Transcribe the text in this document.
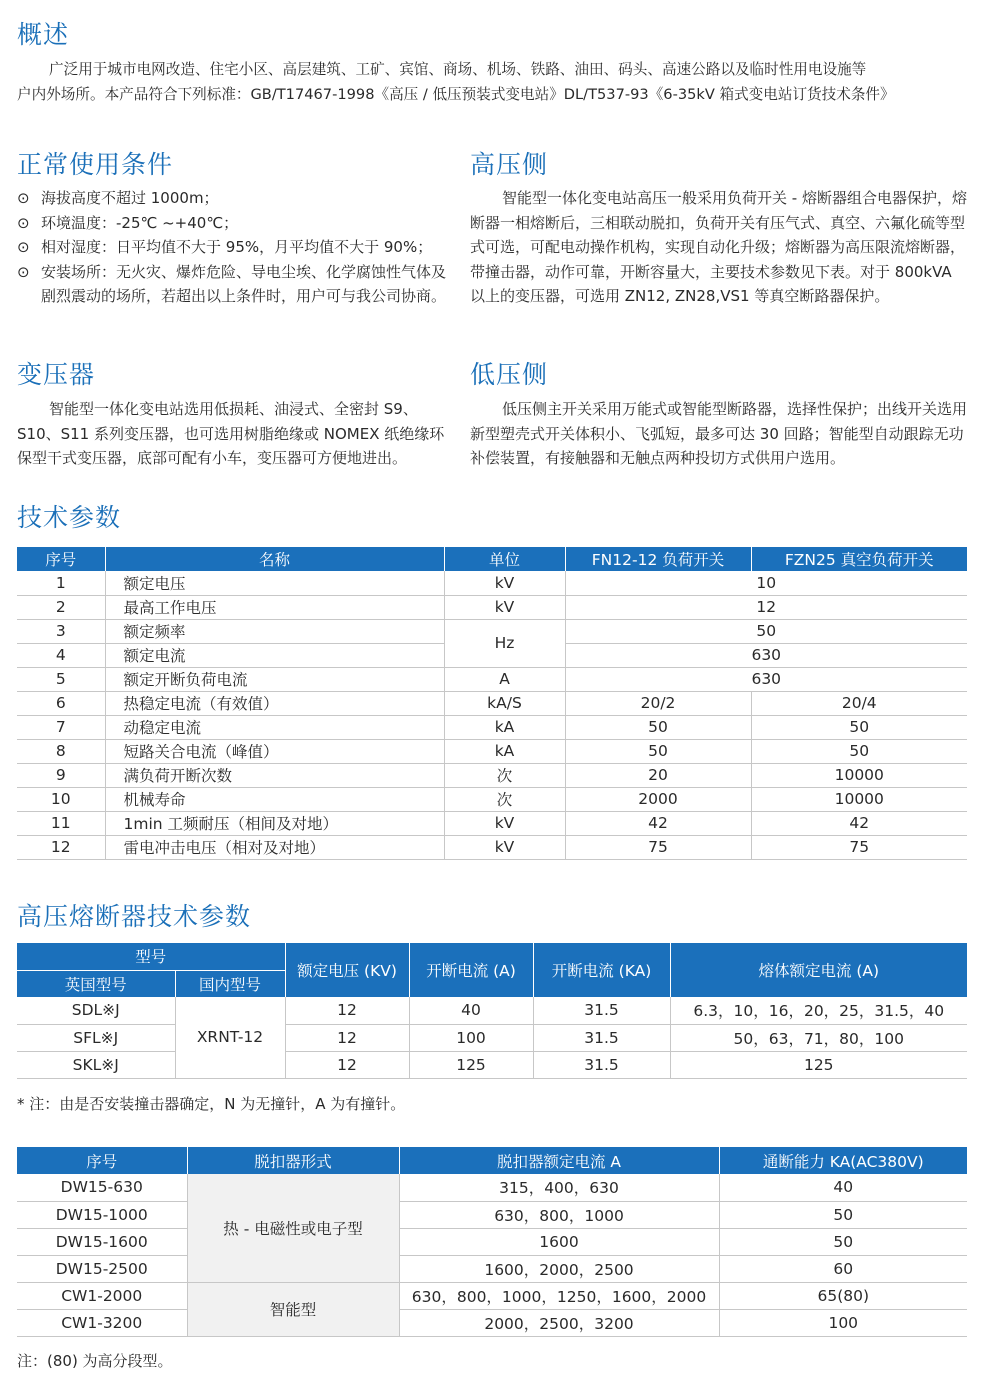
概述
广泛用于城市电网改造、住宅小区、高层建筑、工矿、宾馆、商场、机场、铁路、油田、码头、高速公路以及临时性用电设施等
户内外场所。本产品符合下列标准：GB/T17467-1998《高压 / 低压预装式变电站》DL/T537-93《6-35kV 箱式变电站订货技术条件》
正常使用条件
⊙ 海拔高度不超过 1000m；
⊙ 环境温度：-25℃ ~+40℃；
⊙ 相对湿度：日平均值不大于 95%，月平均值不大于 90%；
⊙ 安装场所：无火灾、爆炸危险、导电尘埃、化学腐蚀性气体及剧烈震动的场所，若超出以上条件时，用户可与我公司协商。
高压侧

智能型一体化变电站高压一般采用负荷开关 - 熔断器组合电器保护，熔断器一相熔断后，三相联动脱扣，负荷开关有压气式、真空、六氟化硫等型式可选，可配电动操作机构，实现自动化升级；熔断器为高压限流熔断器，带撞击器，动作可靠，开断容量大，主要技术参数见下表。对于 800kVA 以上的变压器，可选用 ZN12, ZN28,VS1 等真空断路器保护。

变压器

智能型一体化变电站选用低损耗、油浸式、全密封 S9、S10、S11 系列变压器，也可选用树脂绝缘或 NOMEX 纸绝缘环保型干式变压器，底部可配有小车，变压器可方便地进出。

低压侧

低压侧主开关采用万能式或智能型断路器，选择性保护；出线开关选用新型塑壳式开关体积小、飞弧短，最多可达 30 回路；智能型自动跟踪无功补偿装置，有接触器和无触点两种投切方式供用户选用。

技术参数
序号	名称	单位	FN12-12 负荷开关	FZN25 真空负荷开关
1	额定电压	kV	10	
2	最高工作电压	kV	12	
3	额定频率	Hz	50	
4	额定电流		630	
5	额定开断负荷电流	A	630	
6	热稳定电流（有效值）	kA/S	20/2	20/4
7	动稳定电流	kA	50	50
8	短路关合电流（峰值）	kA	50	50
9	满负荷开断次数	次	20	10000
10	机械寿命	次	2000	10000
11	1min 工频耐压（相间及对地）	kV	42	42
12	雷电冲击电压（相对及对地）	kV	75	75
高压熔断器技术参数
型号		额定电压 (KV)	开断电流 (A)	开断电流 (KA)	熔体额定电流 (A)
英国型号	国内型号				
SDL※J	XRNT-12	12	40	31.5	6.3，10，16，20，25，31.5，40
SFL※J		12	100	31.5	50，63，71，80，100
SKL※J		12	125	31.5	125

* 注：由是否安装撞击器确定，N 为无撞针，A 为有撞针。

序号	脱扣器形式	脱扣器额定电流 A	通断能力 KA(AC380V)
DW15-630	热 - 电磁性或电子型	315，400，630	40
DW15-1000		630，800，1000	50
DW15-1600		1600	50
DW15-2500		1600，2000，2500	60
CW1-2000	智能型	630，800，1000，1250，1600，2000	65(80)
CW1-3200		2000，2500，3200	100

注：(80) 为高分段型。
